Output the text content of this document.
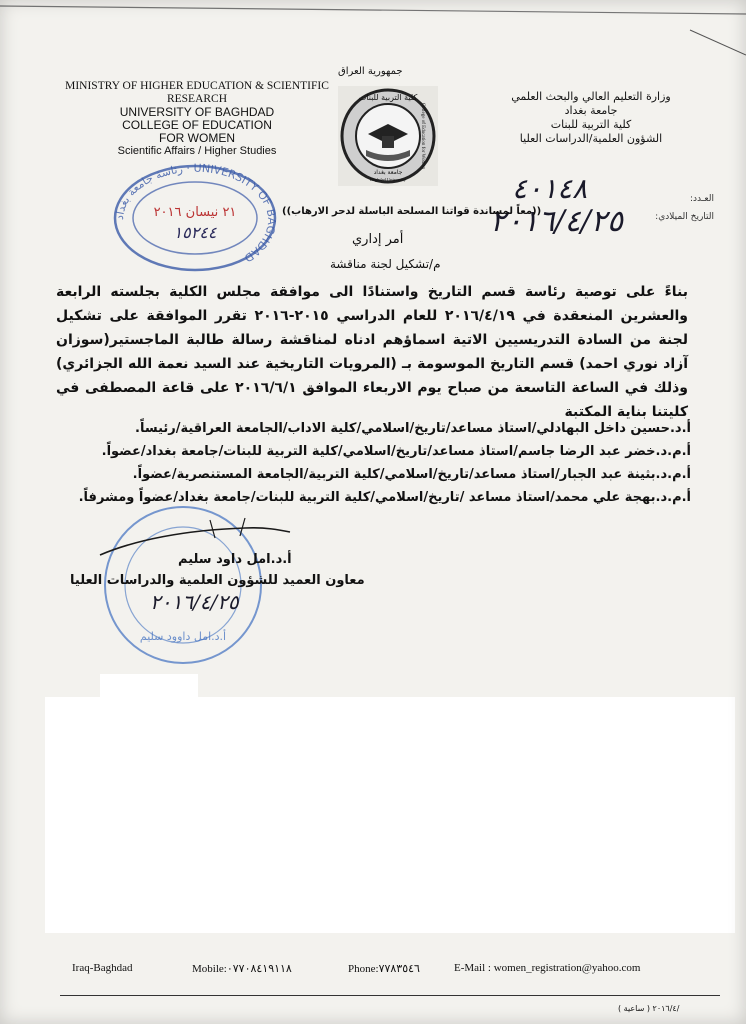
MINISTRY OF HIGHER EDUCATION & SCIENTIFIC
RESEARCH
UNIVERSITY OF BAGHDAD
COLLEGE OF EDUCATION
FOR WOMEN
Scientific Affairs / Higher Studies
جمهورية العراق
كلية التربية للبنات
جامعة بغداد
Baghdad University
College of Education for Women
وزارة التعليم العالي والبحث العلمي
جامعة بغداد
كلية التربية للبنات
الشؤون العلمية/الدراسات العليا
رئاسة جامعة بغداد · UNIVERSITY OF BAGHDAD
٢١ نيسان ٢٠١٦
١٥٢٤٤
العـدد:
٤٠١٤٨
التاريخ الميلادي:
٢٠١٦/٤/٢٥
((معاً لمساندة قواتنا المسلحة الباسلة لدحر الارهاب))
أمر إداري
م/تشكيل لجنة مناقشة
بناءً على توصية رئاسة قسم التاريخ واستنادًا الى موافقة مجلس الكلية بجلسته الرابعة والعشرين المنعقدة في ٢٠١٦/٤/١٩ للعام الدراسي ٢٠١٥-٢٠١٦ تقرر الموافقة على تشكيل لجنة من السادة التدريسيين الاتية اسماؤهم ادناه لمناقشة رسالة طالبة الماجستير(سوزان آزاد نوري احمد) قسم التاريخ الموسومة بـ (المرويات التاريخية عند السيد نعمة الله الجزائري) وذلك في الساعة التاسعة من صباح يوم الاربعاء الموافق ٢٠١٦/٦/١ على قاعة المصطفى في كليتنا بناية المكتبة
أ.د.حسين داخل البهادلي/استاذ مساعد/تاريخ/اسلامي/كلية الاداب/الجامعة العراقية/رئيساً.
أ.م.د.خضر عبد الرضا جاسم/استاذ مساعد/تاريخ/اسلامي/كلية التربية للبنات/جامعة بغداد/عضواً.
أ.م.د.بثينة عبد الجبار/استاذ مساعد/تاريخ/اسلامي/كلية التربية/الجامعة المستنصرية/عضواً.
أ.م.د.بهجة علي محمد/استاذ مساعد /تاريخ/اسلامي/كلية التربية للبنات/جامعة بغداد/عضواً ومشرفاً.
أ.د.امل داوود سليم
أ.د.امل داود سليم
معاون العميد للشؤون العلمية والدراسات العليا
٢٠١٦/٤/٢٥
Iraq-Baghdad	Mobile:٠٧٧٠٨٤١٩١١٨	Phone:٧٧٨٣٥٤٦	E-Mail : women_registration@yahoo.com
( ساعية ) ٢٠١٦/٤/
